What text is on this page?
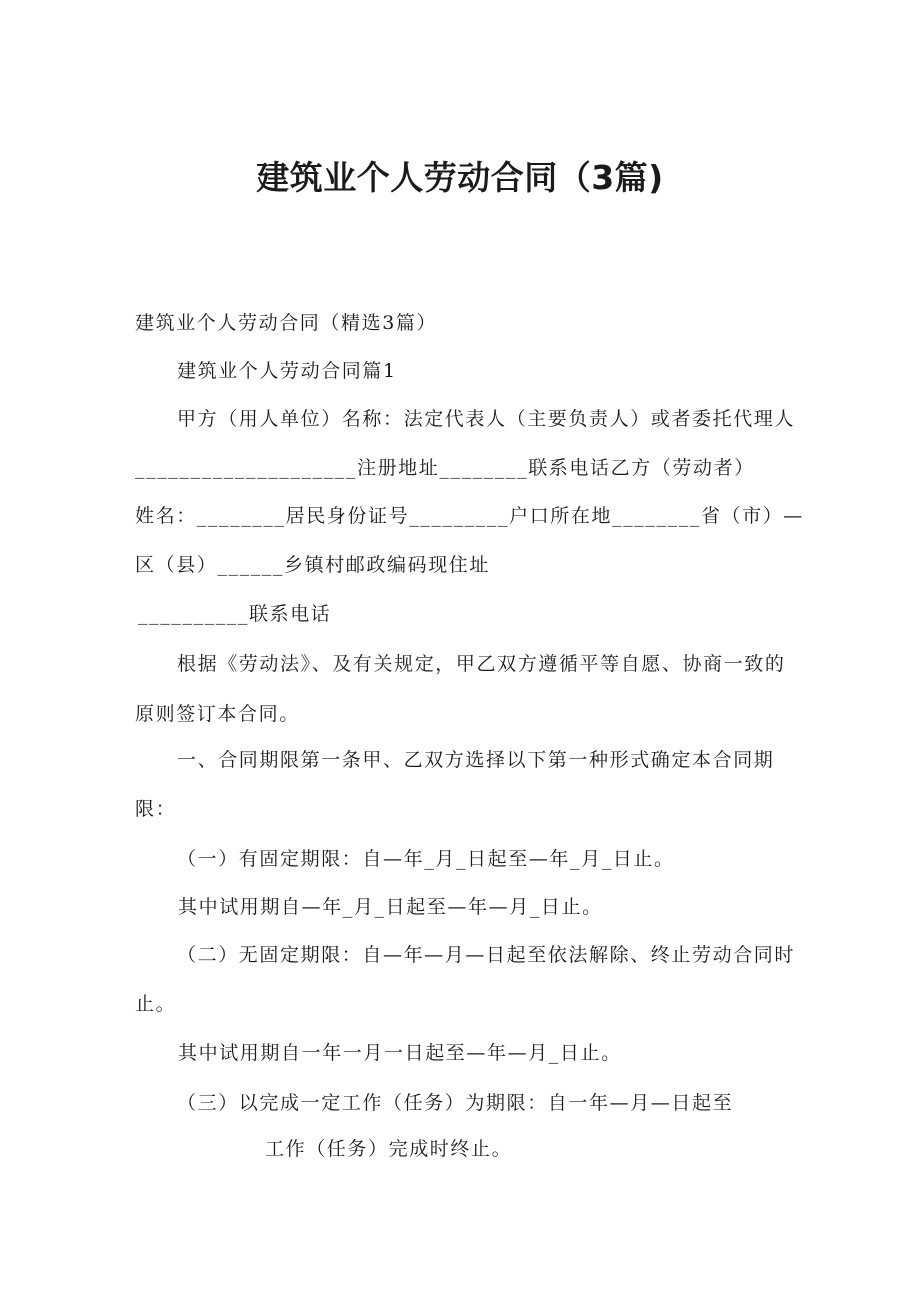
建筑业个人劳动合同（3篇)

建筑业个人劳动合同（精选3篇）

建筑业个人劳动合同篇1

甲方（用人单位）名称：法定代表人（主要负责人）或者委托代理人

____________________注册地址________联系电话乙方（劳动者）

姓名：________居民身份证号_________户口所在地________省（市）—

区（县）______乡镇村邮政编码现住址

__________联系电话

根据《劳动法》、及有关规定，甲乙双方遵循平等自愿、协商一致的

原则签订本合同。

一、合同期限第一条甲、乙双方选择以下第一种形式确定本合同期

限：

（一）有固定期限：自—年_月_日起至—年_月_日止。

其中试用期自—年_月_日起至—年—月_日止。

（二）无固定期限：自—年—月—日起至依法解除、终止劳动合同时

止。

其中试用期自一年一月一日起至—年—月_日止。

（三）以完成一定工作（任务）为期限：自一年—月—日起至

工作（任务）完成时终止。
